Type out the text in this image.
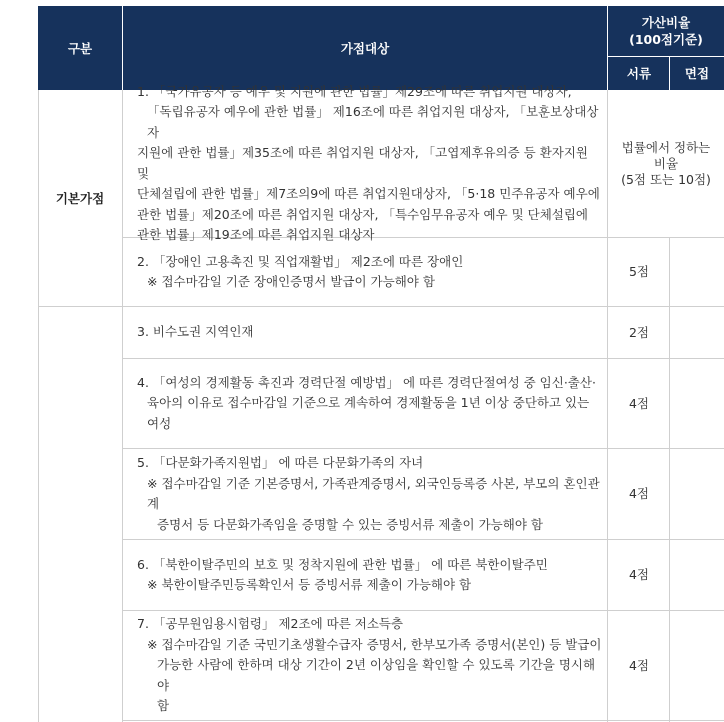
구분	가점대상
가산비율
(100점기준)
서류	면접
기본가점
1. 「국가유공자 등 예우 및 지원에 관한 법률」제29조에 따른 취업지원 대상자,
「독립유공자 예우에 관한 법률」 제16조에 따른 취업지원 대상자, 「보훈보상대상자
지원에 관한 법률」제35조에 따른 취업지원 대상자, 「고엽제후유의증 등 환자지원 및
단체설립에 관한 법률」제7조의9에 따른 취업지원대상자, 「5·18 민주유공자 예우에
관한 법률」제20조에 따른 취업지원 대상자, 「특수임무유공자 예우 및 단체설립에
관한 법률」제19조에 따른 취업지원 대상자
법률에서 정하는
비율
(5점 또는 10점)
2. 「장애인 고용촉진 및 직업재활법」 제2조에 따른 장애인
※ 접수마감일 기준 장애인증명서 발급이 가능해야 함
5점
3. 비수도권 지역인재	2점
4. 「여성의 경제활동 촉진과 경력단절 예방법」 에 따른 경력단절여성 중 임신·출산·
육아의 이유로 접수마감일 기준으로 계속하여 경제활동을 1년 이상 중단하고 있는
여성
4점
5. 「다문화가족지원법」 에 따른 다문화가족의 자녀
※ 접수마감일 기준 기본증명서, 가족관계증명서, 외국인등록증 사본, 부모의 혼인관계
증명서 등 다문화가족임을 증명할 수 있는 증빙서류 제출이 가능해야 함
4점
6. 「북한이탈주민의 보호 및 정착지원에 관한 법률」 에 따른 북한이탈주민
※ 북한이탈주민등록확인서 등 증빙서류 제출이 가능해야 함
4점
7. 「공무원임용시험령」 제2조에 따른 저소득층
※ 접수마감일 기준 국민기초생활수급자 증명서, 한부모가족 증명서(본인) 등 발급이
가능한 사람에 한하며 대상 기간이 2년 이상임을 확인할 수 있도록 기간을 명시해야
함
4점
